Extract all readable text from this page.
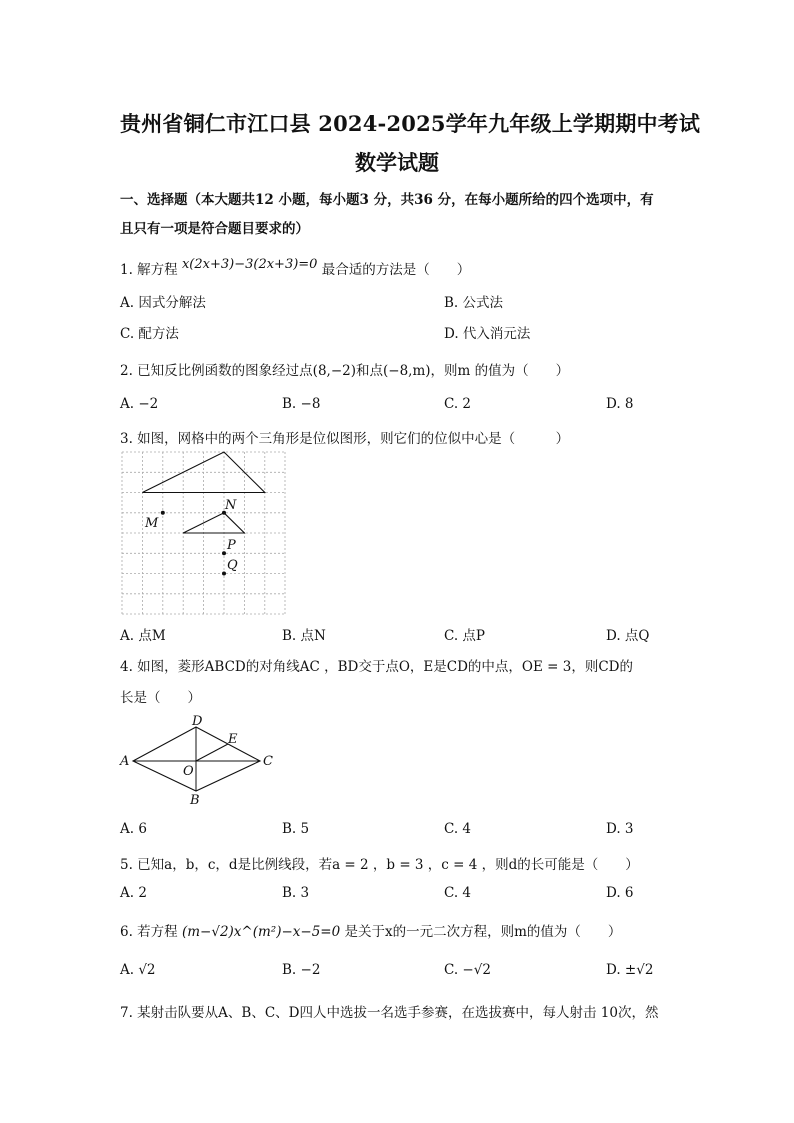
贵州省铜仁市江口县 2024-2025学年九年级上学期期中考试
数学试题
一、选择题（本大题共12 小题，每小题3 分，共36 分，在每小题所给的四个选项中，有
且只有一项是符合题目要求的）
1. 解方程 x(2x+3)−3(2x+3)=0 最合适的方法是（　　）
A. 因式分解法	B. 公式法
C. 配方法	D. 代入消元法
2. 已知反比例函数的图象经过点(8,−2)和点(−8,m)，则m 的值为（　　）
A. −2	B. −8	C. 2	D. 8
3. 如图，网格中的两个三角形是位似图形，则它们的位似中心是（　　　）
M
N
P
Q
A. 点M	B. 点N	C. 点P	D. 点Q
4. 如图，菱形ABCD的对角线AC ，BD交于点O，E是CD的中点，OE = 3，则CD的
长是（　　）
A
B
C
D
E
O
A. 6	B. 5	C. 4	D. 3
5. 已知a，b，c，d是比例线段，若a = 2 ，b = 3 ，c = 4 ，则d的长可能是（　　）
A. 2	B. 3	C. 4	D. 6
6. 若方程 (m−√2)x^(m²)−x−5=0 是关于x的一元二次方程，则m的值为（　　）
A. √2	B. −2	C. −√2	D. ±√2
7. 某射击队要从A、B、C、D四人中选拔一名选手参赛，在选拔赛中，每人射击 10次，然
